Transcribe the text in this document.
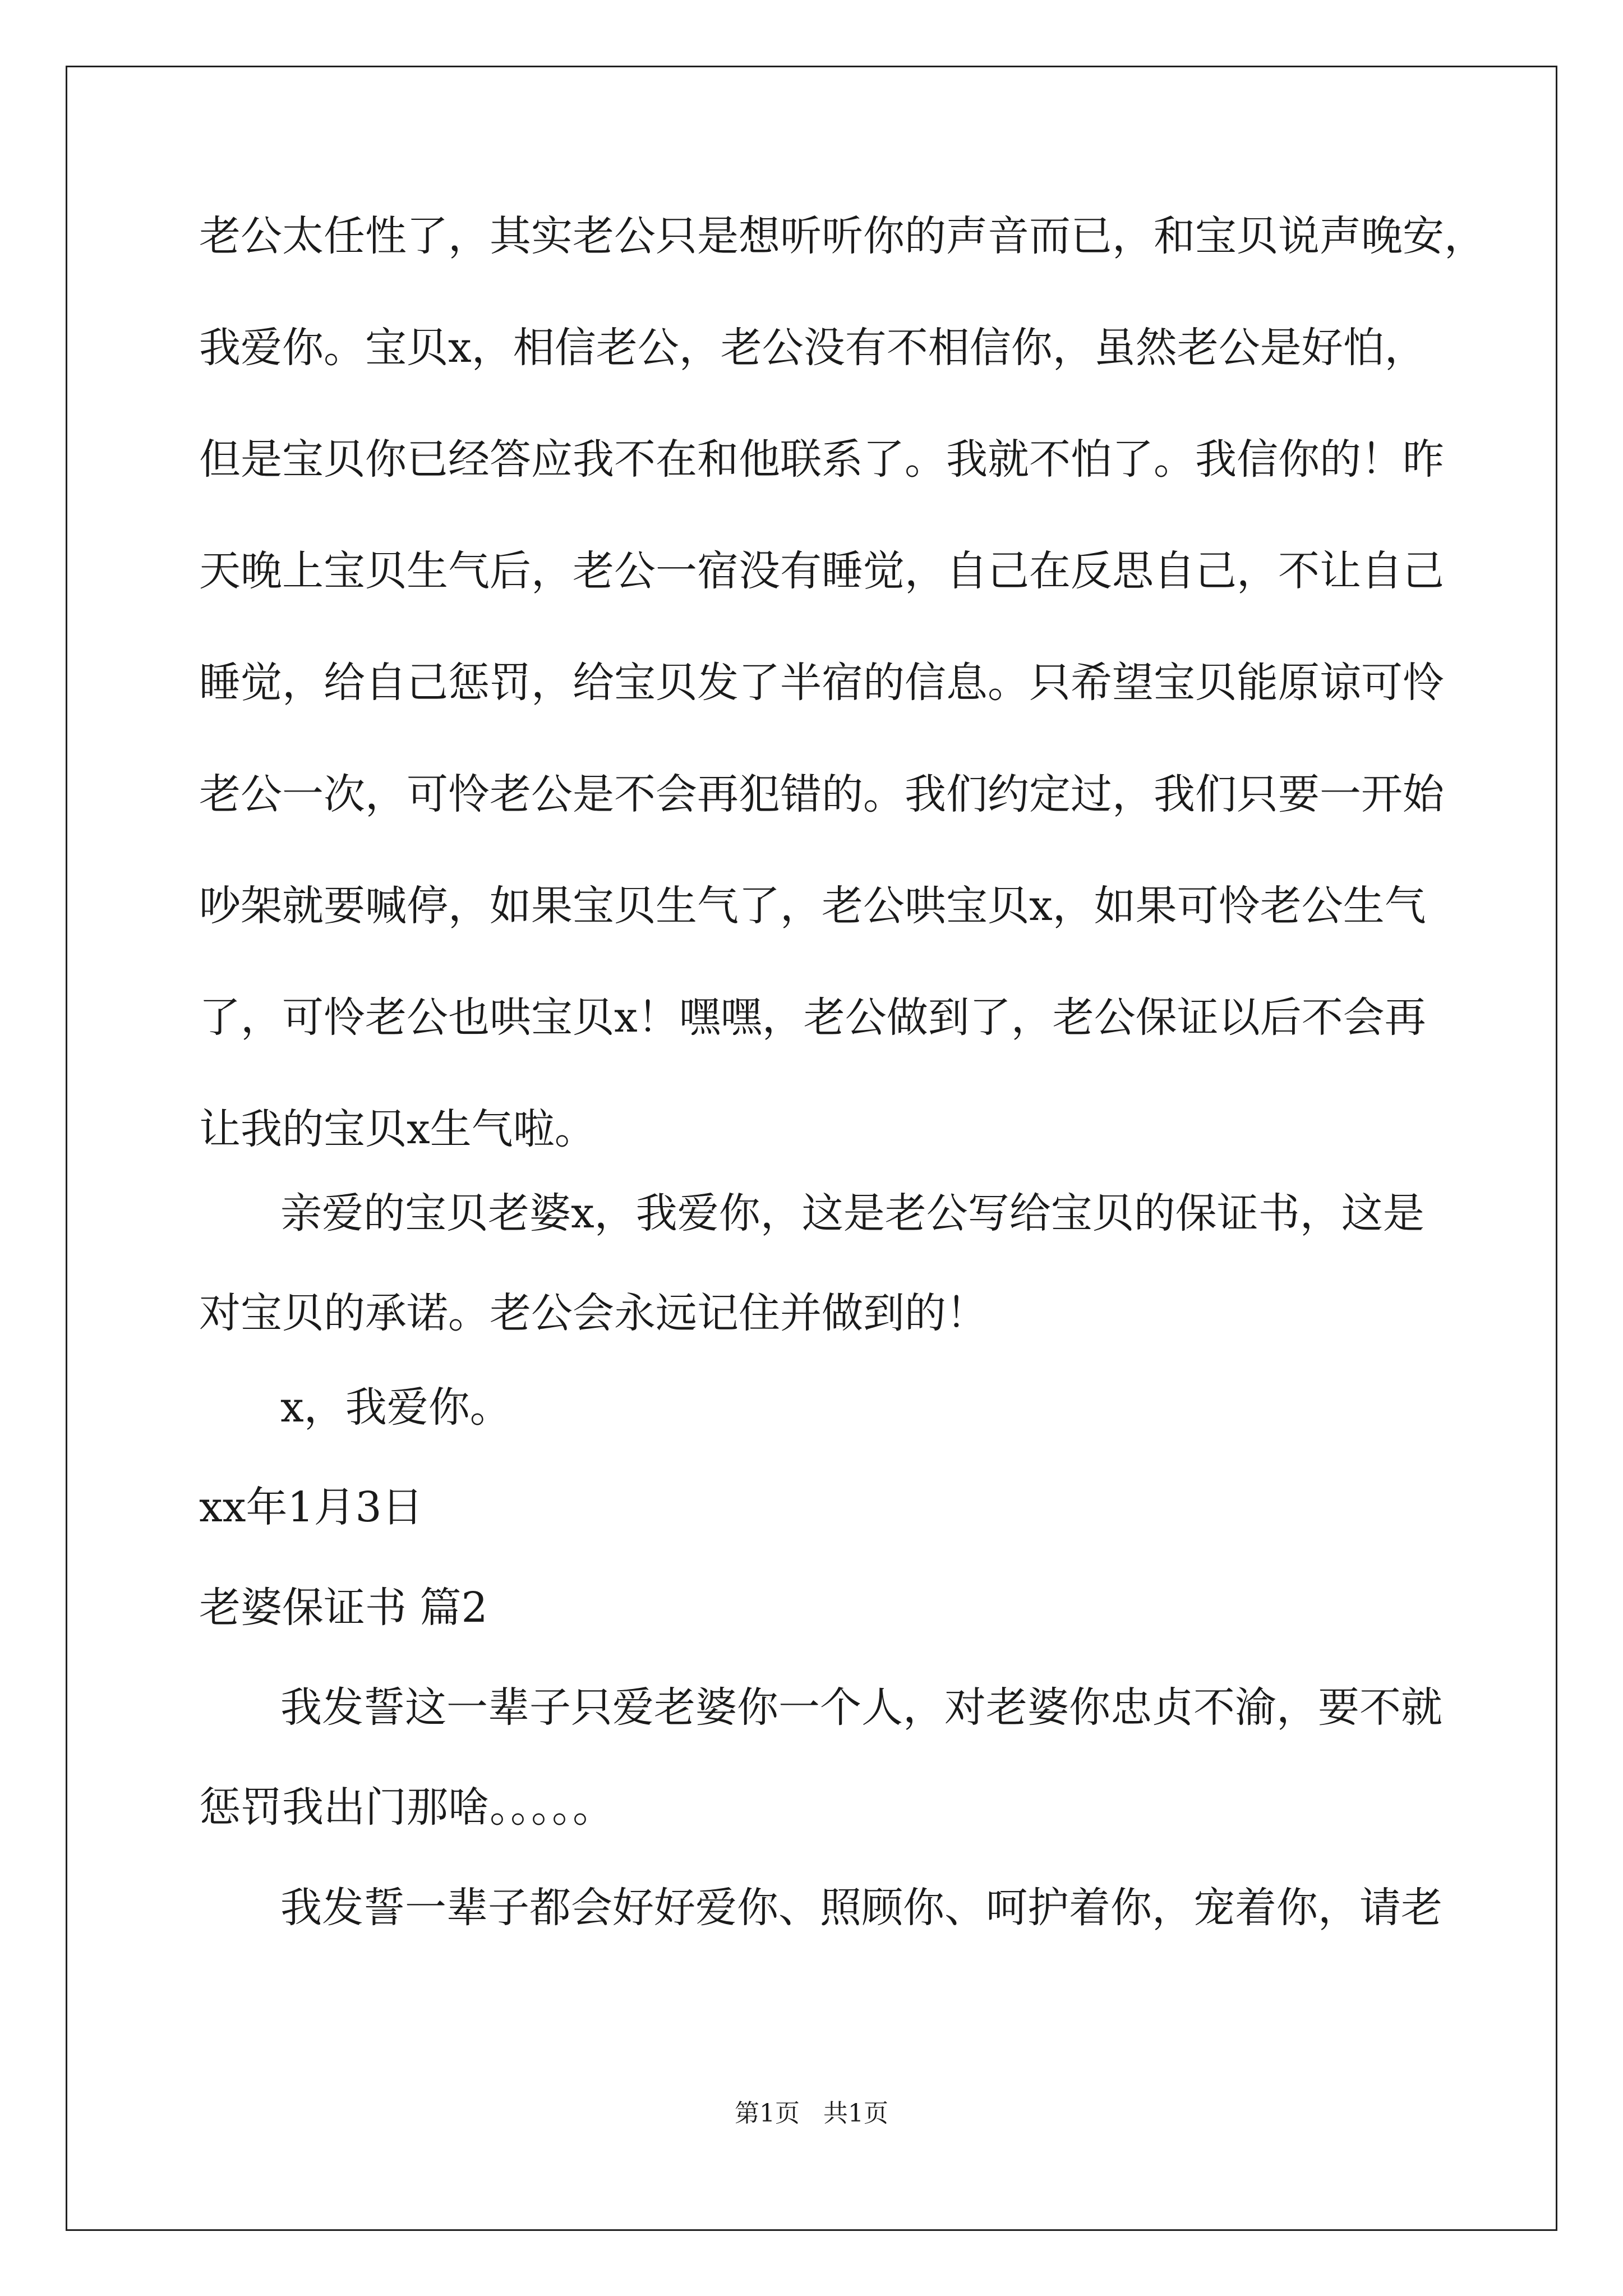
老公太任性了，其实老公只是想听听你的声音而已，和宝贝说声晚安，
我爱你。宝贝x，相信老公，老公没有不相信你，虽然老公是好怕，
但是宝贝你已经答应我不在和他联系了。我就不怕了。我信你的！昨
天晚上宝贝生气后，老公一宿没有睡觉，自己在反思自己，不让自己
睡觉，给自己惩罚，给宝贝发了半宿的信息。只希望宝贝能原谅可怜
老公一次，可怜老公是不会再犯错的。我们约定过，我们只要一开始
吵架就要喊停，如果宝贝生气了，老公哄宝贝x，如果可怜老公生气
了，可怜老公也哄宝贝x！嘿嘿，老公做到了，老公保证以后不会再
让我的宝贝x生气啦。
亲爱的宝贝老婆x，我爱你，这是老公写给宝贝的保证书，这是
对宝贝的承诺。老公会永远记住并做到的！
x，我爱你。
xx年1月3日
老婆保证书 篇2
我发誓这一辈子只爱老婆你一个人，对老婆你忠贞不渝，要不就
惩罚我出门那啥。。。。。
我发誓一辈子都会好好爱你、照顾你、呵护着你，宠着你，请老
第1页   共1页
